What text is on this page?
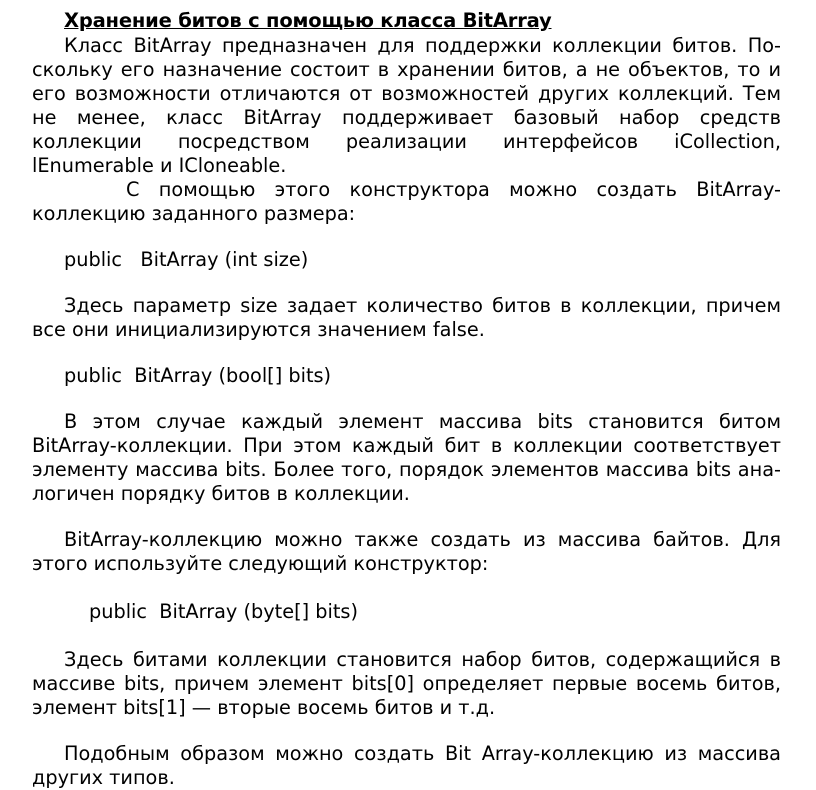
Хранение битов с помощью класса BitArray

Класс BitArray предназначен для поддержки коллекции битов. Поскольку его назначение состоит в хранении битов, а не объектов, то и его возможности отличаются от возможностей других коллекций. Тем не менее, класс BitArray поддерживает базовый набор средств коллекции посредством реализации интерфейсов iCollection, lEnumerable и ICloneable.

С помощью этого конструктора можно создать BitArray-коллекцию заданного размера:

public   BitArray (int size)

Здесь параметр size задает количество битов в коллекции, причем все они инициализируются значением false.

public  BitArray (bool[] bits)

В этом случае каждый элемент массива bits становится битом BitArray-коллекции. При этом каждый бит в коллекции соответствует элементу массива bits. Более того, порядок элементов массива bits ана- логичен порядку битов в коллекции.

BitArray-коллекцию можно также создать из массива байтов. Для этого используйте следующий конструктор:

public  BitArray (byte[] bits)

Здесь битами коллекции становится набор битов, содержащийся в массиве bits, причем элемент bits[0] определяет первые восемь битов, элемент bits[1] — вторые восемь битов и т.д.

Подобным образом можно создать Bit Array-коллекцию из массива других типов.
